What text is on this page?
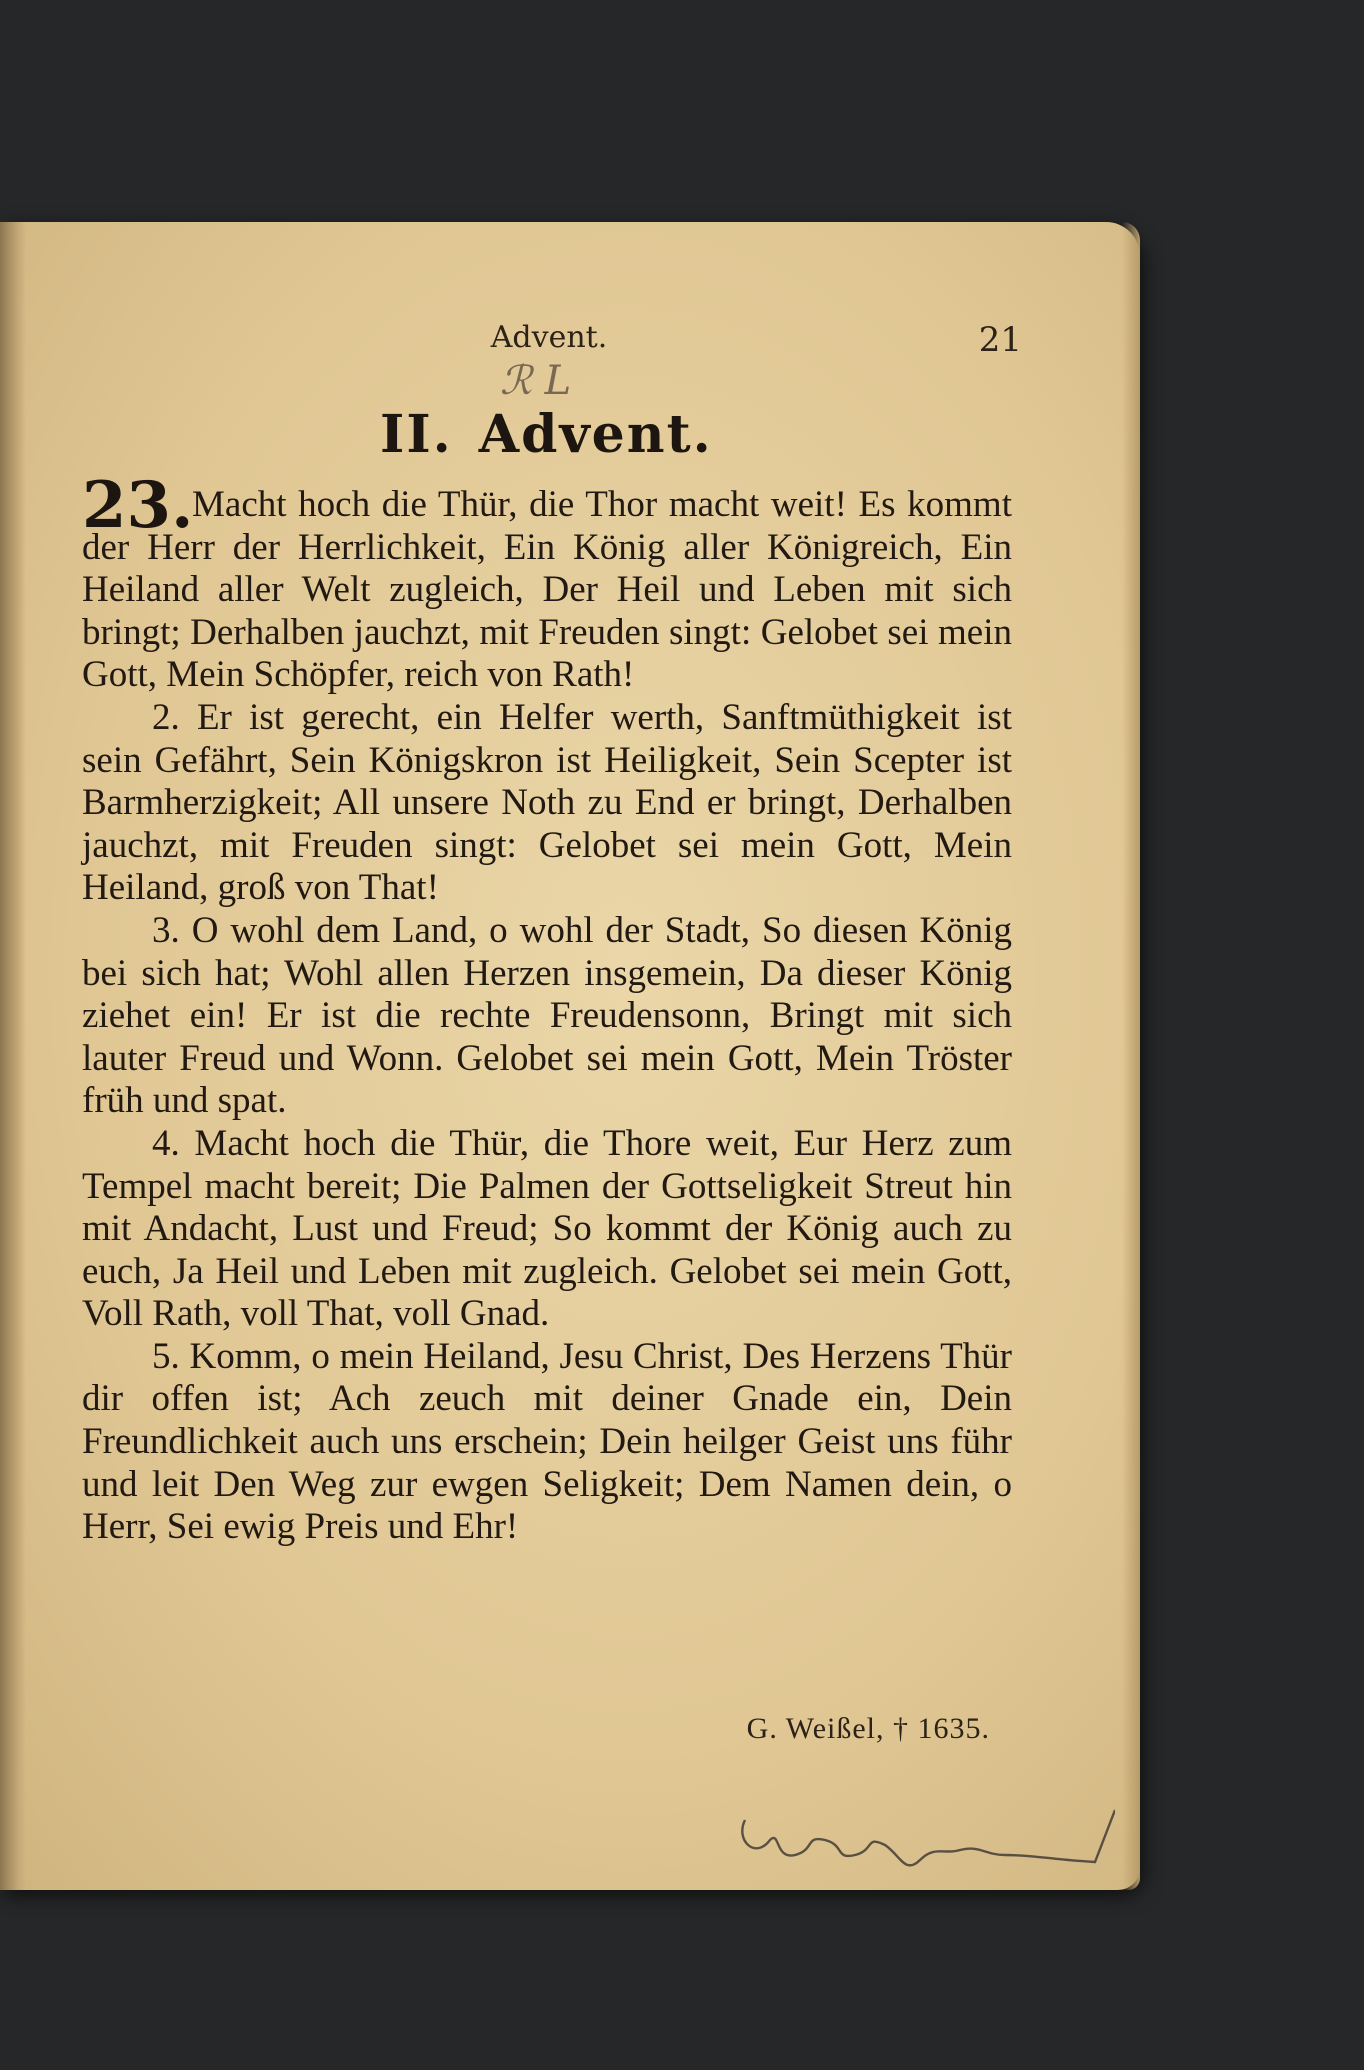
Advent.	21
ℛ L
II. Advent.
23.

Macht hoch die Thür, die Thor macht weit! Es kommt der Herr der Herrlichkeit, Ein König aller Königreich, Ein Heiland aller Welt zugleich, Der Heil und Leben mit sich bringt; Derhalben jauchzt, mit Freuden singt: Gelobet sei mein Gott, Mein Schöpfer, reich von Rath!

2. Er ist gerecht, ein Helfer werth, Sanftmüthigkeit ist sein Gefährt, Sein Königskron ist Heiligkeit, Sein Scepter ist Barmherzigkeit; All unsere Noth zu End er bringt, Derhalben jauchzt, mit Freuden singt: Gelobet sei mein Gott, Mein Heiland, groß von That!

3. O wohl dem Land, o wohl der Stadt, So diesen König bei sich hat; Wohl allen Herzen insgemein, Da dieser König ziehet ein! Er ist die rechte Freudensonn, Bringt mit sich lauter Freud und Wonn. Gelobet sei mein Gott, Mein Tröster früh und spat.

4. Macht hoch die Thür, die Thore weit, Eur Herz zum Tempel macht bereit; Die Palmen der Gottseligkeit Streut hin mit Andacht, Lust und Freud; So kommt der König auch zu euch, Ja Heil und Leben mit zugleich. Gelobet sei mein Gott, Voll Rath, voll That, voll Gnad.

5. Komm, o mein Heiland, Jesu Christ, Des Herzens Thür dir offen ist; Ach zeuch mit deiner Gnade ein, Dein Freundlichkeit auch uns erschein; Dein heilger Geist uns führ und leit Den Weg zur ewgen Seligkeit; Dem Namen dein, o Herr, Sei ewig Preis und Ehr!

G. Weißel, † 1635.
